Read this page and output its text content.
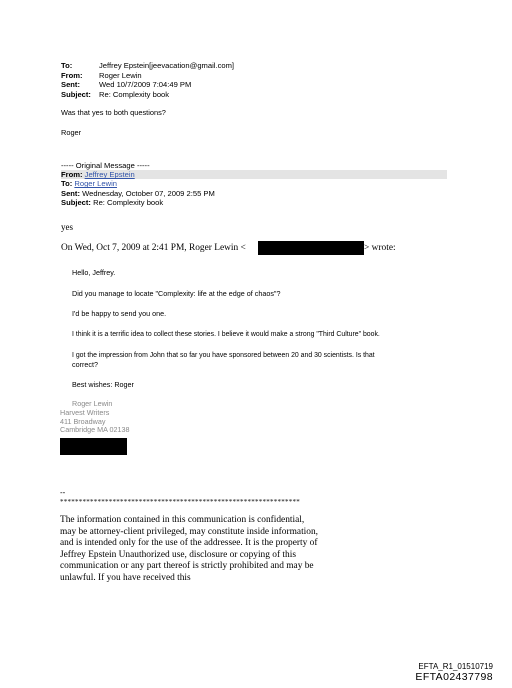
To:	Jeffrey Epstein[jeevacation@gmail.com]
From:	Roger Lewin
Sent:	Wed 10/7/2009 7:04:49 PM
Subject:	Re: Complexity book
Was that yes to both questions?
Roger
----- Original Message -----
From: Jeffrey Epstein
To: Roger Lewin
Sent: Wednesday, October 07, 2009 2:55 PM
Subject: Re: Complexity book
yes
On Wed, Oct 7, 2009 at 2:41 PM, Roger Lewin <	> wrote:
Hello, Jeffrey.
Did you manage to locate "Complexity: life at the edge of chaos"?
I'd be happy to send you one.
I think it is a terrific idea to collect these stories. I believe it would make a strong "Third Culture" book.
I got the impression from John that so far you have sponsored between 20 and 30 scientists. Is that
correct?
Best wishes: Roger
Roger Lewin
Harvest Writers
411 Broadway
Cambridge MA 02138
--
****************************************************************
The information contained in this communication is confidential, may be attorney-client privileged, may constitute inside information, and is intended only for the use of the addressee. It is the property of Jeffrey Epstein Unauthorized use, disclosure or copying of this communication or any part thereof is strictly prohibited and may be unlawful. If you have received this
EFTA_R1_01510719
EFTA02437798
